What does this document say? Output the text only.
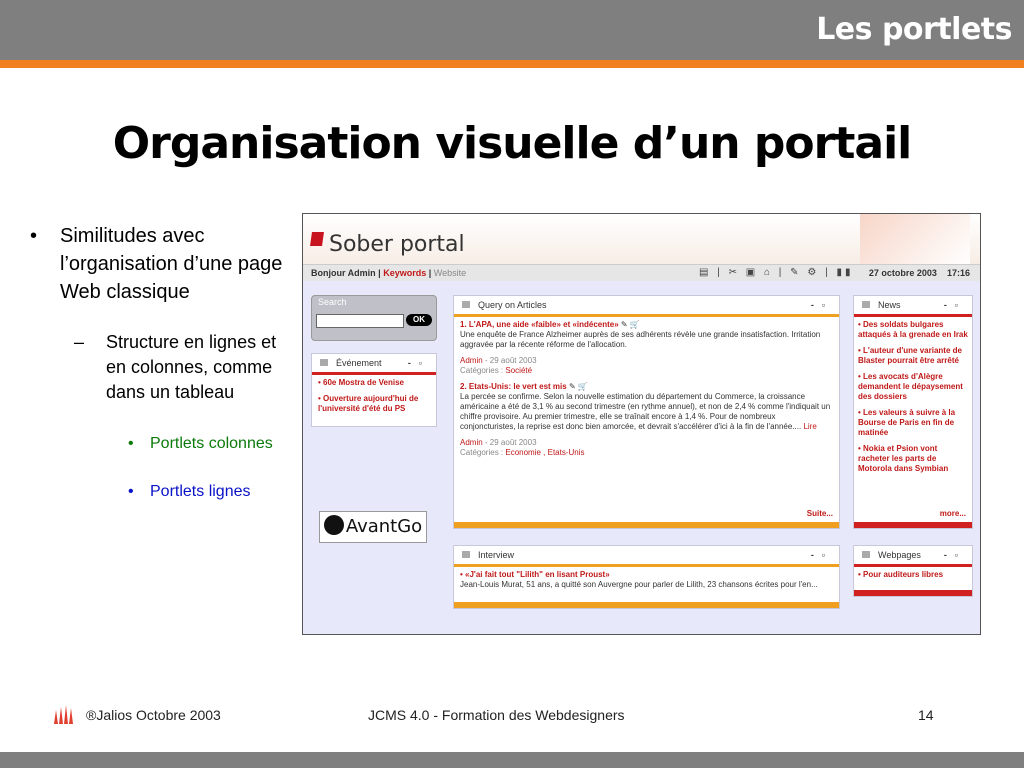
Les portlets
Organisation visuelle d’un portail
• Similitudes avec l’organisation d’une page Web classique
– Structure en lignes et en colonnes, comme dans un tableau
• Portlets colonnes
• Portlets lignes
Sober portal
Bonjour Admin | Keywords | Website	▤ | ✂ ▣ ⌂ | ✎ ⚙ | ▮▮ 27 octobre 2003 17:16
Search
OK
Événement	-▫

• 60e Mostra de Venise

• Ouverture aujourd'hui de l'université d'été du PS

AvantGo
Query on Articles	-▫

1. L'APA, une aide «faible» et «indécente» ✎ 🛒
Une enquête de France Alzheimer auprès de ses adhérents révèle une grande insatisfaction. Irritation aggravée par la récente réforme de l'allocation.

Admin - 29 août 2003
Catégories : Société

2. Etats-Unis: le vert est mis ✎ 🛒
La percée se confirme. Selon la nouvelle estimation du département du Commerce, la croissance américaine a été de 3,1 % au second trimestre (en rythme annuel), et non de 2,4 % comme l'indiquait un chiffre provisoire. Au premier trimestre, elle se traînait encore à 1,4 %. Pour de nombreux conjoncturistes, la reprise est donc bien amorcée, et devrait s'accélérer d'ici à la fin de l'année.... Lire

Admin - 29 août 2003
Catégories : Economie , Etats-Unis

Suite...
News	-▫

• Des soldats bulgares attaqués à la grenade en Irak

• L'auteur d'une variante de Blaster pourrait être arrêté

• Les avocats d'Alègre demandent le dépaysement des dossiers

• Les valeurs à suivre à la Bourse de Paris en fin de matinée

• Nokia et Psion vont racheter les parts de Motorola dans Symbian

more...
Interview	-▫
• «J'ai fait tout "Lilith" en lisant Proust»
Jean-Louis Murat, 51 ans, a quitté son Auvergne pour parler de Lilith, 23 chansons écrites pour l'en...
Webpages	-▫
• Pour auditeurs libres
®Jalios Octobre 2003	JCMS 4.0 - Formation des Webdesigners	14
